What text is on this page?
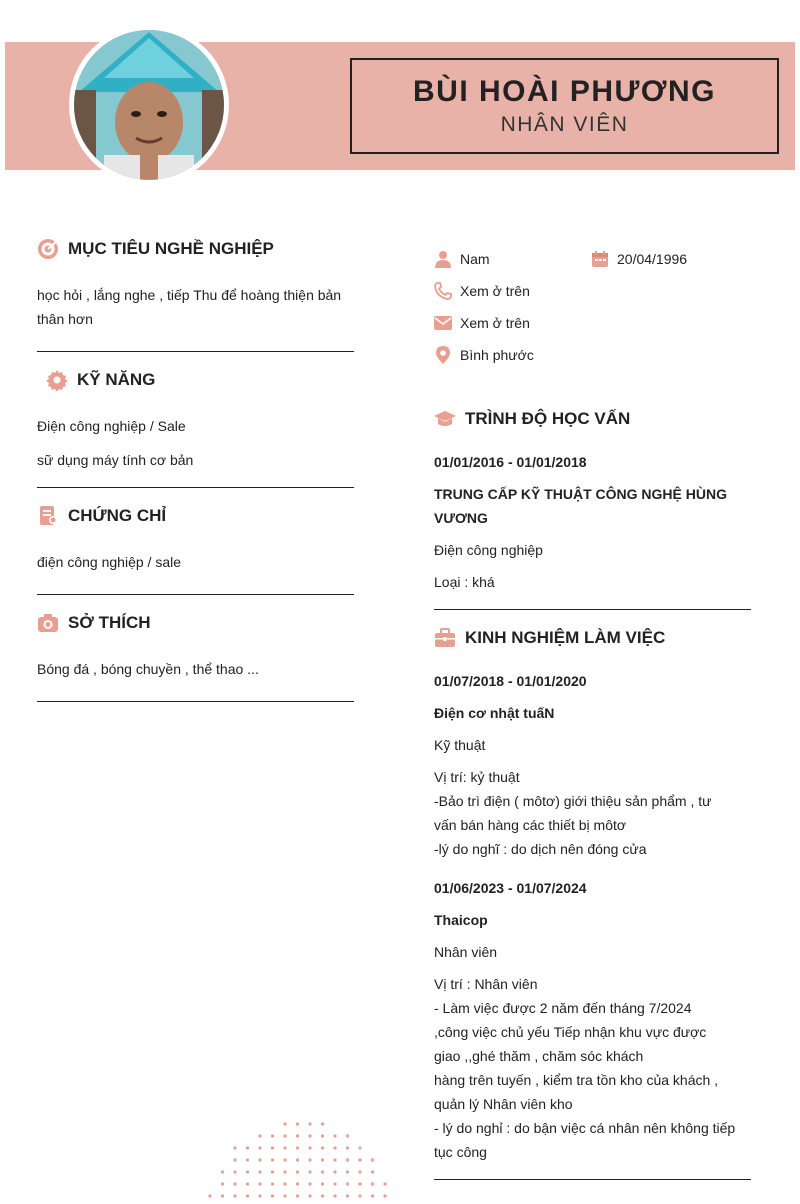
BÙI HOÀI PHƯƠNG
NHÂN VIÊN
MỤC TIÊU NGHỀ NGHIỆP
học hỏi , lắng nghe , tiếp Thu để hoàng thiện bản
thân hơn
KỸ NĂNG
Điện công nghiệp / Sale
sữ dụng máy tính cơ bản
CHỨNG CHỈ
điện công nghiệp / sale
SỞ THÍCH
Bóng đá , bóng chuyền , thể thao ...
Nam	20/04/1996
Xem ở trên
Xem ở trên
Bình phước
TRÌNH ĐỘ HỌC VẤN
01/01/2016 - 01/01/2018
TRUNG CẤP KỸ THUẬT CÔNG NGHỆ HÙNG
VƯƠNG
Điện công nghiệp
Loại : khá
KINH NGHIỆM LÀM VIỆC
01/07/2018 - 01/01/2020
Điện cơ nhật tuấN
Kỹ thuật
Vị trí: kỷ thuật
-Bảo trì điện ( môtơ) giới thiệu sản phẩm , tư
vấn bán hàng các thiết bị môtơ
-lý do nghĩ : do dịch nên đóng cửa
01/06/2023 - 01/07/2024
Thaicop
Nhân viên
Vị trí : Nhân viên
- Làm việc được 2 năm đến tháng 7/2024
,công việc chủ yếu Tiếp nhận khu vực được
giao ,,ghé thăm , chăm sóc khách
hàng trên tuyến , kiểm tra tồn kho của khách ,
quản lý Nhân viên kho
- lý do nghỉ : do bận việc cá nhân nên không tiếp
tục công
